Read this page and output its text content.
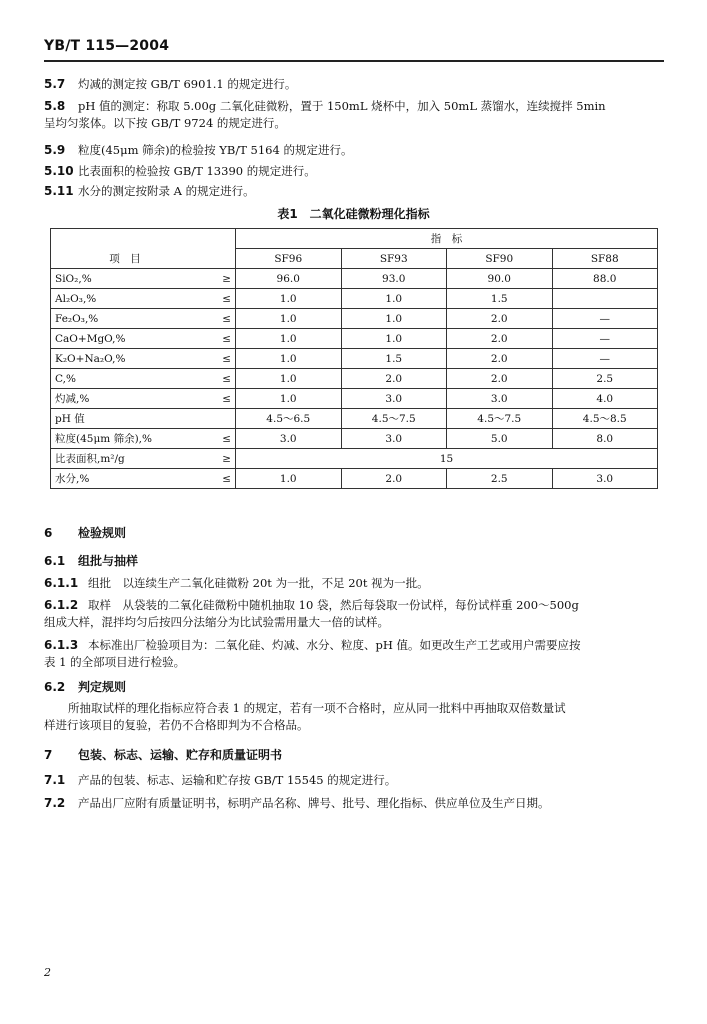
YB/T 115—2004
5.7 灼减的测定按 GB/T 6901.1 的规定进行。
5.8 pH 值的测定：称取 5.00g 二氧化硅微粉，置于 150mL 烧杯中，加入 50mL 蒸馏水，连续搅拌 5min
呈均匀浆体。以下按 GB/T 9724 的规定进行。
5.9 粒度(45μm 筛余)的检验按 YB/T 5164 的规定进行。
5.10 比表面积的检验按 GB/T 13390 的规定进行。
5.11 水分的测定按附录 A 的规定进行。
表1　二氧化硅微粉理化指标
		指　标			
项　目		SF96	SF93	SF90	SF88
SiO₂,%	≥	96.0	93.0	90.0	88.0
Al₂O₃,%	≤	1.0	1.0	1.5	
Fe₂O₃,%	≤	1.0	1.0	2.0	—
CaO+MgO,%	≤	1.0	1.0	2.0	—
K₂O+Na₂O,%	≤	1.0	1.5	2.0	—
C,%	≤	1.0	2.0	2.0	2.5
灼减,%	≤	1.0	3.0	3.0	4.0
pH 值		4.5～6.5	4.5～7.5	4.5～7.5	4.5～8.5
粒度(45μm 筛余),%	≤	3.0	3.0	5.0	8.0
比表面积,m²/g	≥	15			
水分,%	≤	1.0	2.0	2.5	3.0
6 检验规则
6.1 组批与抽样
6.1.1 组批　以连续生产二氧化硅微粉 20t 为一批，不足 20t 视为一批。
6.1.2 取样　从袋装的二氧化硅微粉中随机抽取 10 袋，然后每袋取一份试样，每份试样重 200～500g
组成大样，混拌均匀后按四分法缩分为比试验需用量大一倍的试样。
6.1.3 本标准出厂检验项目为：二氧化硅、灼减、水分、粒度、pH 值。如更改生产工艺或用户需要应按
表 1 的全部项目进行检验。
6.2 判定规则
所抽取试样的理化指标应符合表 1 的规定，若有一项不合格时，应从同一批料中再抽取双倍数量试
样进行该项目的复验，若仍不合格即判为不合格品。
7 包装、标志、运输、贮存和质量证明书
7.1 产品的包装、标志、运输和贮存按 GB/T 15545 的规定进行。
7.2 产品出厂应附有质量证明书，标明产品名称、牌号、批号、理化指标、供应单位及生产日期。
2
